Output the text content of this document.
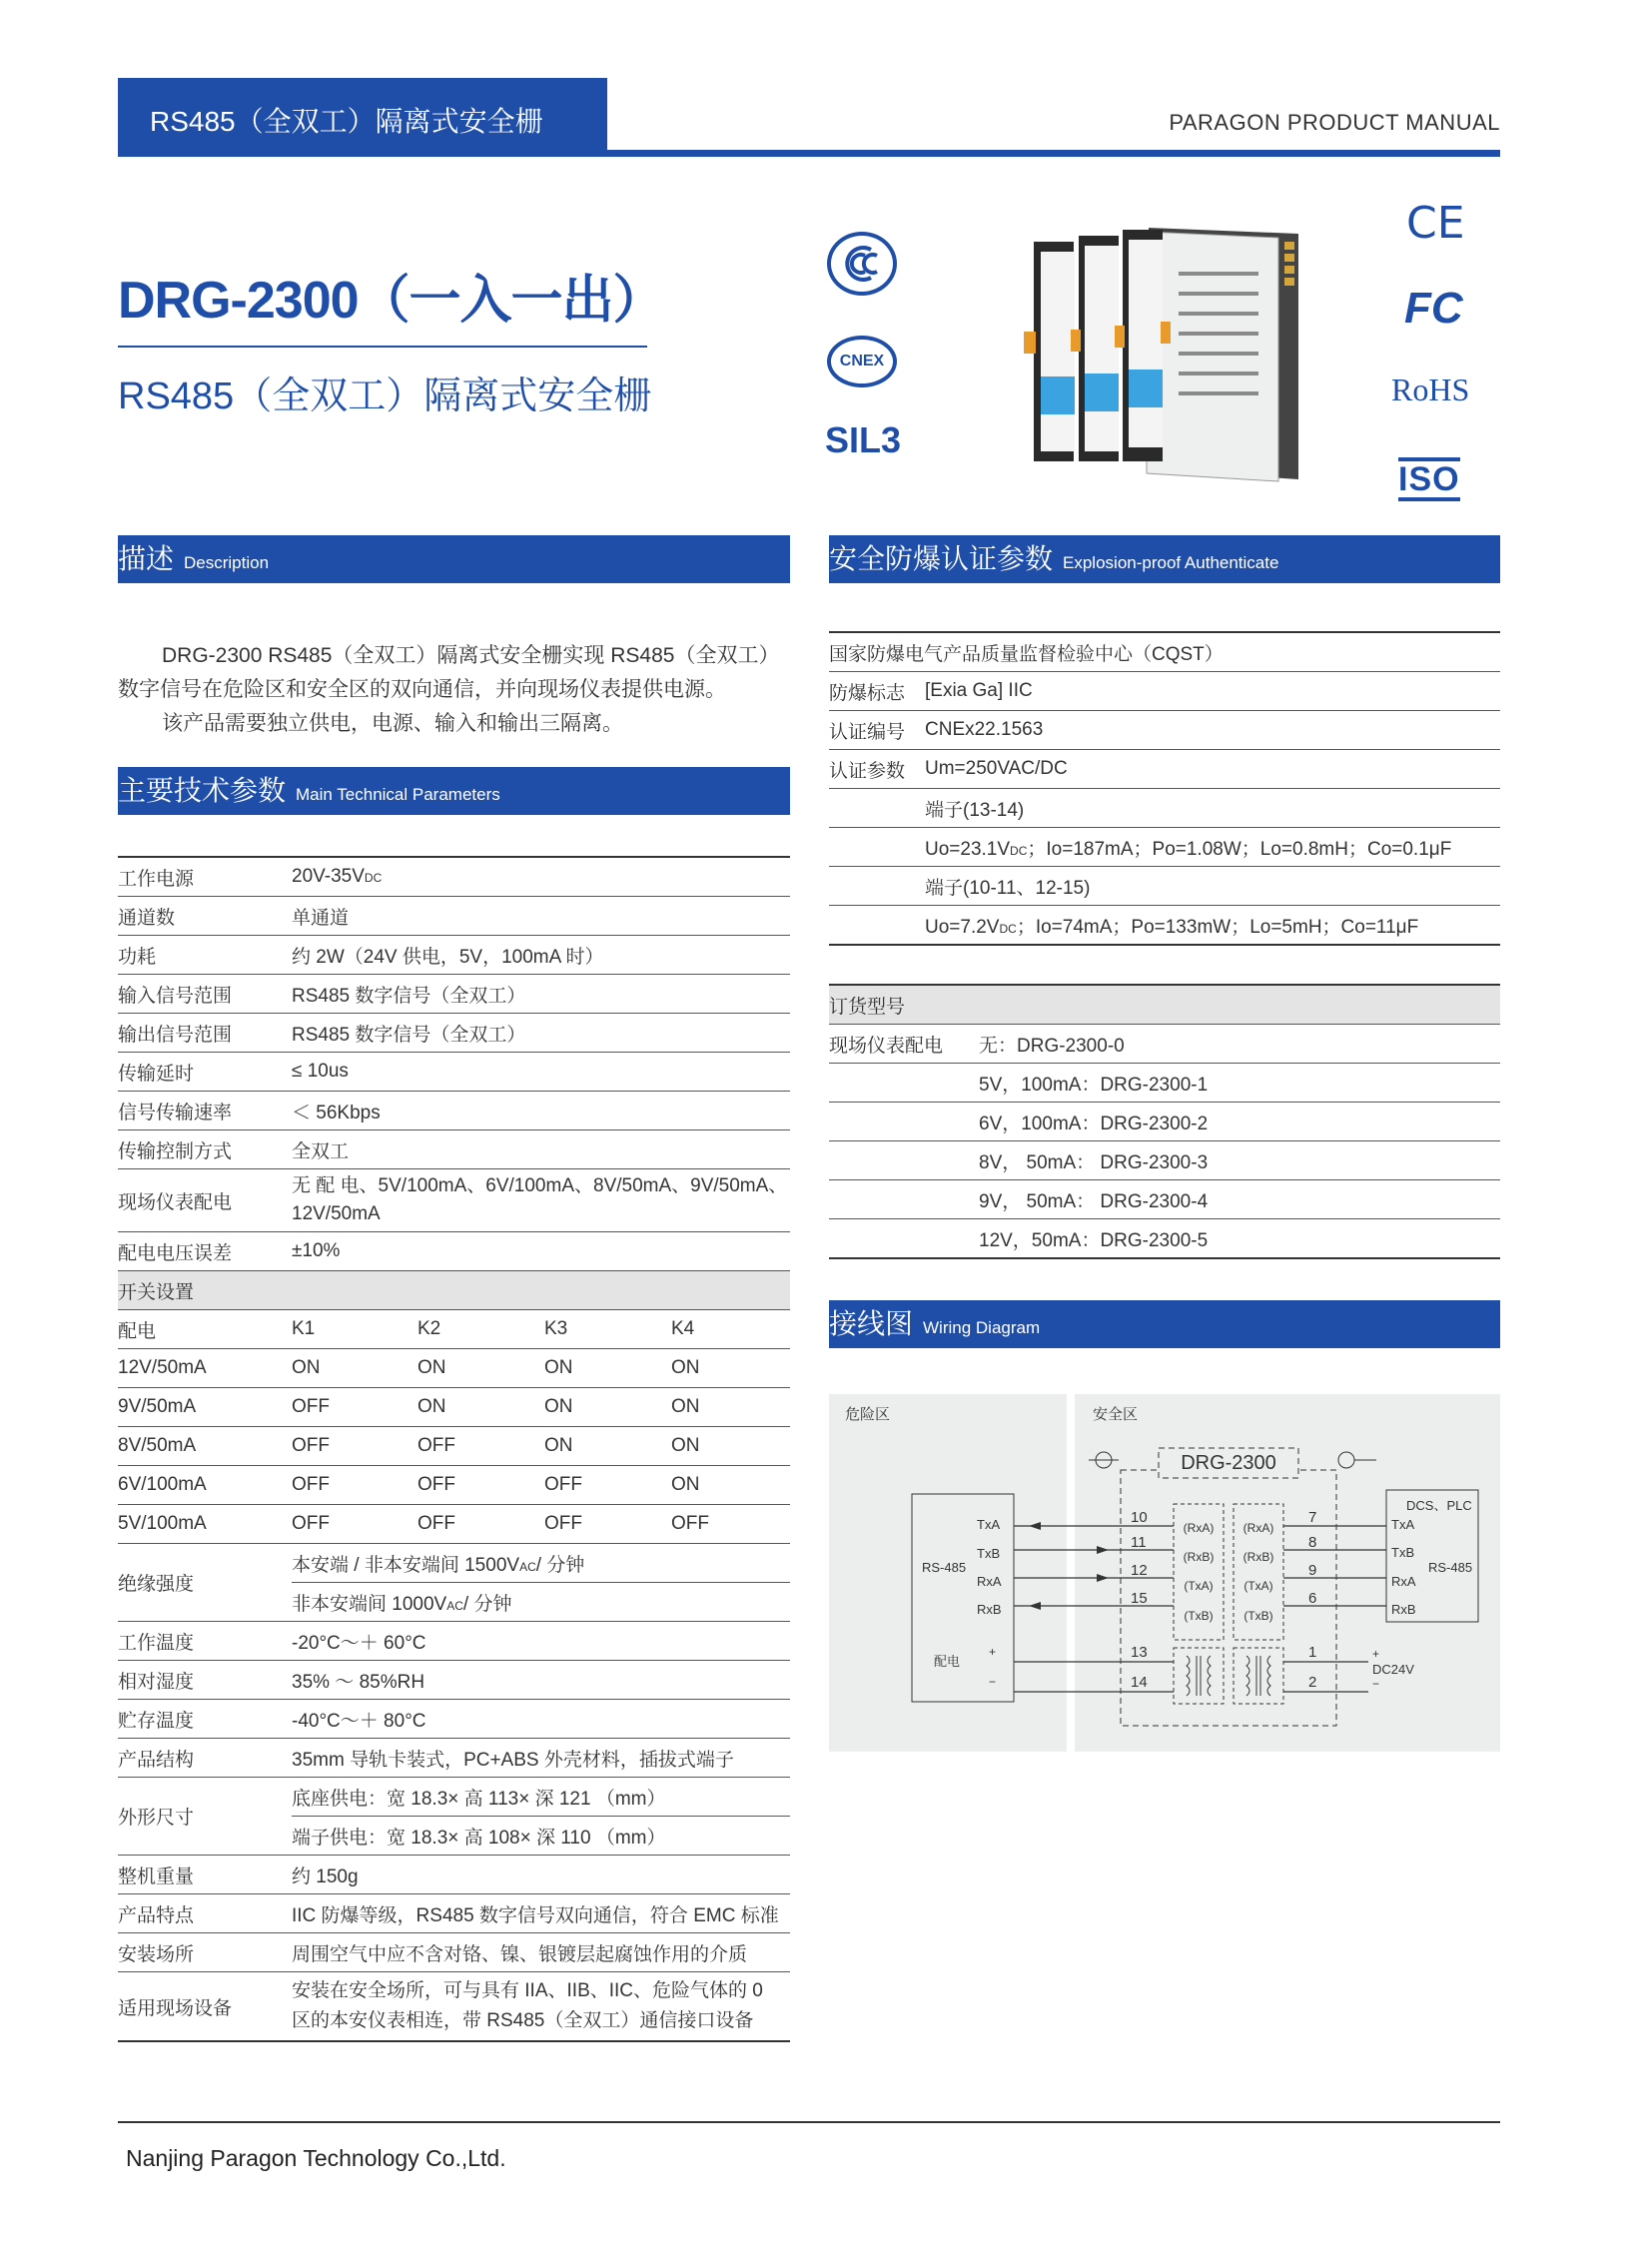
RS485（全双工）隔离式安全栅	PARAGON PRODUCT MANUAL
DRG-2300（一入一出）
RS485（全双工）隔离式安全栅
CNEX
SIL3
CE
FC
RoHS
ISO
描述 Description
DRG-2300 RS485（全双工）隔离式安全栅实现 RS485（全双工）
数字信号在危险区和安全区的双向通信，并向现场仪表提供电源。
该产品需要独立供电，电源、输入和输出三隔离。
主要技术参数 Main Technical Parameters
工作电源	20V-35VDC			
通道数	单通道			
功耗	约 2W（24V 供电，5V，100mA 时）			
输入信号范围	RS485 数字信号（全双工）			
输出信号范围	RS485 数字信号（全双工）			
传输延时	≤ 10us			
信号传输速率	＜ 56Kbps			
传输控制方式	全双工			
现场仪表配电	无 配 电、5V/100mA、6V/100mA、8V/50mA、9V/50mA、
12V/50mA			

配电电压误差	±10%			
开关设置				
配电	K1	K2	K3	K4
12V/50mA	ON	ON	ON	ON
9V/50mA	OFF	ON	ON	ON
8V/50mA	OFF	OFF	ON	ON
6V/100mA	OFF	OFF	OFF	ON
5V/100mA	OFF	OFF	OFF	OFF
绝缘强度	本安端 / 非本安端间 1500VAC/ 分钟			
	非本安端间 1000VAC/ 分钟			
工作温度	-20°C～＋ 60°C			
相对湿度	35% ～ 85%RH			
贮存温度	-40°C～＋ 80°C			
产品结构	35mm 导轨卡装式，PC+ABS 外壳材料，插拔式端子			
外形尺寸	底座供电：宽 18.3× 高 113× 深 121 （mm）			
	端子供电：宽 18.3× 高 108× 深 110 （mm）			
整机重量	约 150g			
产品特点	IIC 防爆等级，RS485 数字信号双向通信，符合 EMC 标准			
安装场所	周围空气中应不含对铬、镍、银镀层起腐蚀作用的介质			
适用现场设备	安装在安全场所，可与具有 IIA、IIB、IIC、危险气体的 0
区的本安仪表相连，带 RS485（全双工）通信接口设备			
安全防爆认证参数 Explosion-proof Authenticate
国家防爆电气产品质量监督检验中心（CQST）	
防爆标志	[Exia Ga] IIC
认证编号	CNEx22.1563
认证参数	Um=250VAC/DC
	端子(13-14)
	Uo=23.1VDC；Io=187mA；Po=1.08W；Lo=0.8mH；Co=0.1μF
	端子(10-11、12-15)
	Uo=7.2VDC；Io=74mA；Po=133mW；Lo=5mH；Co=11μF
订货型号	
现场仪表配电	无：DRG-2300-0
	5V，100mA：DRG-2300-1
	6V，100mA：DRG-2300-2
	8V， 50mA： DRG-2300-3
	9V， 50mA： DRG-2300-4
	12V，50mA：DRG-2300-5
接线图 Wiring Diagram
危险区	安全区
DRG-2300
(RxA)
(RxB)
(TxA)
(TxB)
(RxA)
(RxB)
(TxA)
(TxB)
RS-485
TxA
TxB
RxA
RxB
配电
+
−
10
11
12
15
13
14
DCS、PLC
RS-485
TxA
TxB
RxA
RxB
7
8
9
6
1
2
+
−
DC24V
Nanjing Paragon Technology Co.,Ltd.
